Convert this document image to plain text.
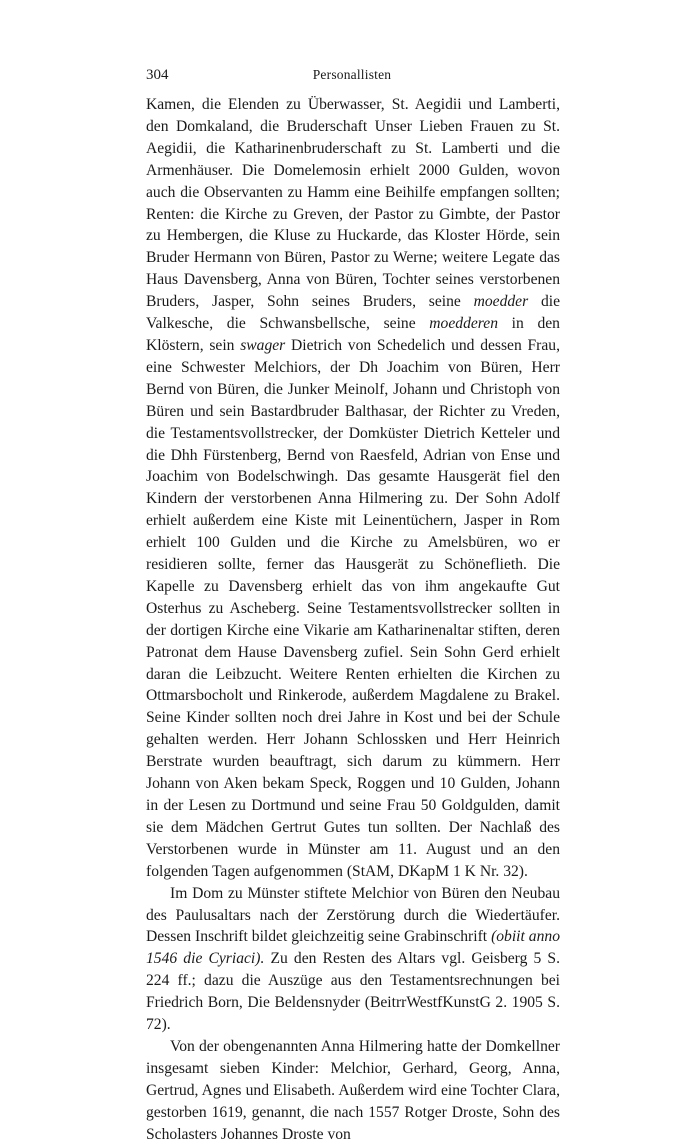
304	Personallisten

Kamen, die Elenden zu Überwasser, St. Aegidii und Lamberti, den Domkaland, die Bruderschaft Unser Lieben Frauen zu St. Aegidii, die Katharinenbruderschaft zu St. Lamberti und die Armenhäuser. Die Domelemosin erhielt 2000 Gulden, wovon auch die Observanten zu Hamm eine Beihilfe empfangen sollten; Renten: die Kirche zu Greven, der Pastor zu Gimbte, der Pastor zu Hembergen, die Kluse zu Huckarde, das Kloster Hörde, sein Bruder Hermann von Büren, Pastor zu Werne; weitere Legate das Haus Davensberg, Anna von Büren, Tochter seines verstorbenen Bruders, Jasper, Sohn seines Bruders, seine moedder die Valkesche, die Schwansbellsche, seine moedderen in den Klöstern, sein swager Dietrich von Schedelich und dessen Frau, eine Schwester Melchiors, der Dh Joachim von Büren, Herr Bernd von Büren, die Junker Meinolf, Johann und Christoph von Büren und sein Bastardbruder Balthasar, der Richter zu Vreden, die Testamentsvollstrecker, der Domküster Dietrich Ketteler und die Dhh Fürstenberg, Bernd von Raesfeld, Adrian von Ense und Joachim von Bodelschwingh. Das gesamte Hausgerät fiel den Kindern der verstorbenen Anna Hilmering zu. Der Sohn Adolf erhielt außerdem eine Kiste mit Leinentüchern, Jasper in Rom erhielt 100 Gulden und die Kirche zu Amelsbüren, wo er residieren sollte, ferner das Hausgerät zu Schöneflieth. Die Kapelle zu Davensberg erhielt das von ihm angekaufte Gut Osterhus zu Ascheberg. Seine Testamentsvollstrecker sollten in der dortigen Kirche eine Vikarie am Katharinenaltar stiften, deren Patronat dem Hause Davensberg zufiel. Sein Sohn Gerd erhielt daran die Leibzucht. Weitere Renten erhielten die Kirchen zu Ottmarsbocholt und Rinkerode, außerdem Magdalene zu Brakel. Seine Kinder sollten noch drei Jahre in Kost und bei der Schule gehalten werden. Herr Johann Schlossken und Herr Heinrich Berstrate wurden beauftragt, sich darum zu kümmern. Herr Johann von Aken bekam Speck, Roggen und 10 Gulden, Johann in der Lesen zu Dortmund und seine Frau 50 Goldgulden, damit sie dem Mädchen Gertrut Gutes tun sollten. Der Nachlaß des Verstorbenen wurde in Münster am 11. August und an den folgenden Tagen aufgenommen (StAM, DKapM 1 K Nr. 32).

Im Dom zu Münster stiftete Melchior von Büren den Neubau des Paulusaltars nach der Zerstörung durch die Wiedertäufer. Dessen Inschrift bildet gleichzeitig seine Grabinschrift (obiit anno 1546 die Cyriaci). Zu den Resten des Altars vgl. Geisberg 5 S. 224 ff.; dazu die Auszüge aus den Testamentsrechnungen bei Friedrich Born, Die Beldensnyder (BeitrrWestfKunstG 2. 1905 S. 72).

Von der obengenannten Anna Hilmering hatte der Domkellner insgesamt sieben Kinder: Melchior, Gerhard, Georg, Anna, Gertrud, Agnes und Elisabeth. Außerdem wird eine Tochter Clara, gestorben 1619, genannt, die nach 1557 Rotger Droste, Sohn des Scholasters Johannes Droste von
